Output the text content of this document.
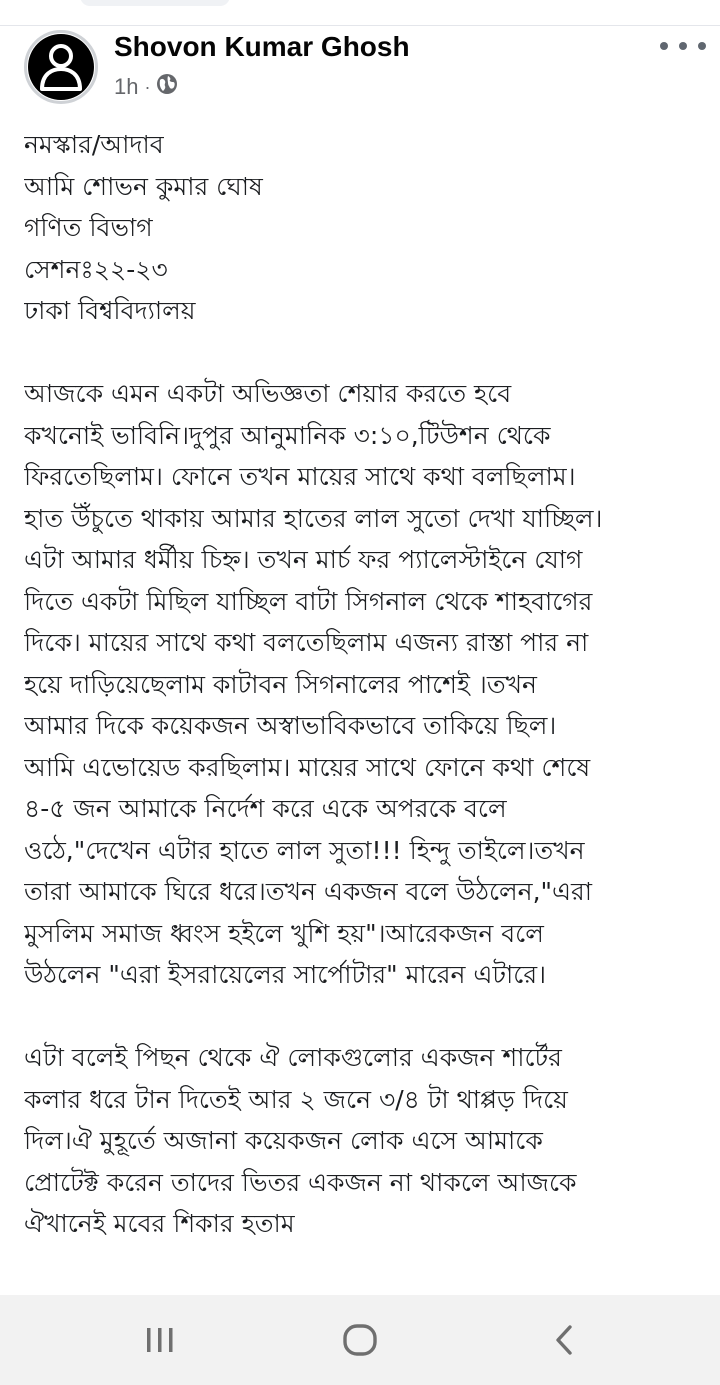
Shovon Kumar Ghosh
1h ·
নমস্কার/আদাব
আমি শোভন কুমার ঘোষ
গণিত বিভাগ
সেশনঃ২২-২৩
ঢাকা বিশ্ববিদ্যালয়
আজকে এমন একটা অভিজ্ঞতা শেয়ার করতে হবে
কখনোই ভাবিনি।দুপুর আনুমানিক ৩:১০,টিউশন থেকে
ফিরতেছিলাম। ফোনে তখন মায়ের সাথে কথা বলছিলাম।
হাত উঁচুতে থাকায় আমার হাতের লাল সুতো দেখা যাচ্ছিল।
এটা আমার ধর্মীয় চিহ্ন। তখন মার্চ ফর প্যালেস্টাইনে যোগ
দিতে একটা মিছিল যাচ্ছিল বাটা সিগনাল থেকে শাহবাগের
দিকে। মায়ের সাথে কথা বলতেছিলাম এজন্য রাস্তা পার না
হয়ে দাড়িয়েছেলাম কাটাবন সিগনালের পাশেই ।তখন
আমার দিকে কয়েকজন অস্বাভাবিকভাবে তাকিয়ে ছিল।
আমি এভোয়েড করছিলাম। মায়ের সাথে ফোনে কথা শেষে
৪-৫ জন আমাকে নির্দেশ করে একে অপরকে বলে
ওঠে,"দেখেন এটার হাতে লাল সুতা!!! হিন্দু তাইলে।তখন
তারা আমাকে ঘিরে ধরে।তখন একজন বলে উঠলেন,"এরা
মুসলিম সমাজ ধ্বংস হইলে খুশি হয়"।আরেকজন বলে
উঠলেন "এরা ইসরায়েলের সার্পোটার" মারেন এটারে।
এটা বলেই পিছন থেকে ঐ লোকগুলোর একজন শার্টের
কলার ধরে টান দিতেই আর ২ জনে ৩/৪ টা থাপ্পড় দিয়ে
দিল।ঐ মুহূর্তে অজানা কয়েকজন লোক এসে আমাকে
প্রোটেক্ট করেন তাদের ভিতর একজন না থাকলে আজকে
ঐখানেই মবের শিকার হতাম
